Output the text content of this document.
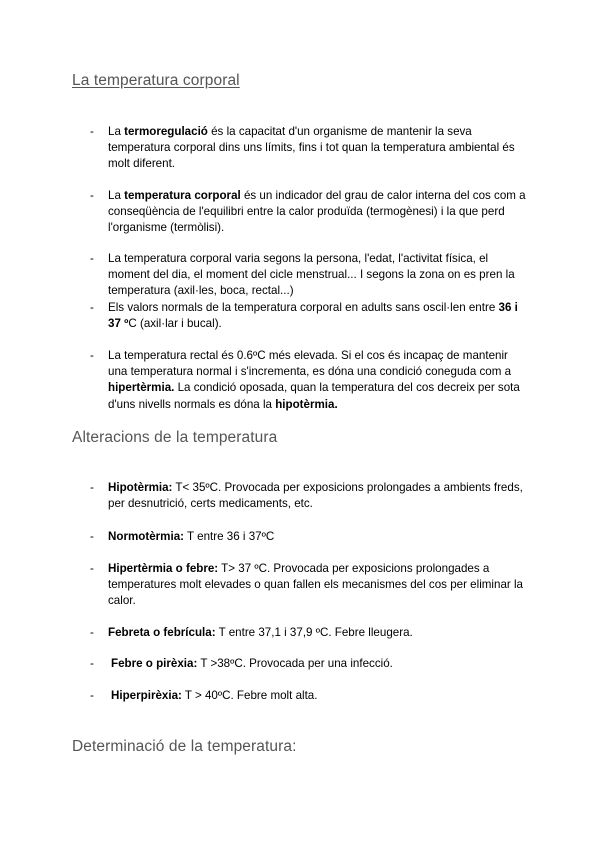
La temperatura corporal
- La termoregulació és la capacitat d'un organisme de mantenir la seva temperatura corporal dins uns límits, fins i tot quan la temperatura ambiental és molt diferent.
- La temperatura corporal és un indicador del grau de calor interna del cos com a conseqüència de l'equilibri entre la calor produïda (termogènesi) i la que perd l'organisme (termòlisi).
- La temperatura corporal varia segons la persona, l'edat, l'activitat física, el moment del dia, el moment del cicle menstrual... I segons la zona on es pren la temperatura (axil·les, boca, rectal...)
- Els valors normals de la temperatura corporal en adults sans oscil·len entre 36 i 37 ºC (axil·lar i bucal).
- La temperatura rectal és 0.6ºC més elevada. Si el cos és incapaç de mantenir una temperatura normal i s'incrementa, es dóna una condició coneguda com a hipertèrmia. La condició oposada, quan la temperatura del cos decreix per sota d'uns nivells normals es dóna la hipotèrmia.
Alteracions de la temperatura
- Hipotèrmia: T< 35ºC. Provocada per exposicions prolongades a ambients freds, per desnutrició, certs medicaments, etc.
- Normotèrmia: T entre 36 i 37ºC
- Hipertèrmia o febre: T> 37 ºC. Provocada per exposicions prolongades a temperatures molt elevades o quan fallen els mecanismes del cos per eliminar la calor.
- Febreta o febrícula: T entre 37,1 i 37,9 ºC. Febre lleugera.
- Febre o pirèxia: T >38ºC. Provocada per una infecció.
- Hiperpirèxia: T > 40ºC. Febre molt alta.
Determinació de la temperatura:
